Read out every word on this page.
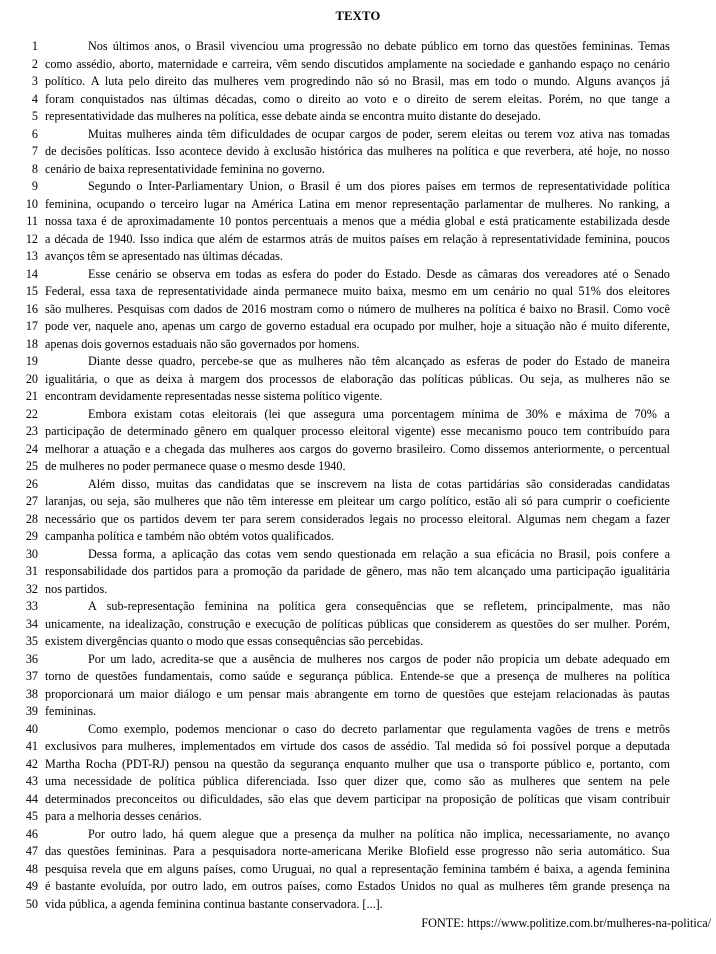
TEXTO
1	Nos últimos anos, o Brasil vivenciou uma progressão no debate público em torno das questões femininas. Temas
2 como assédio, aborto, maternidade e carreira, vêm sendo discutidos amplamente na sociedade e ganhando espaço no cenário
3 político. A luta pelo direito das mulheres vem progredindo não só no Brasil, mas em todo o mundo. Alguns avanços já
4 foram conquistados nas últimas décadas, como o direito ao voto e o direito de serem eleitas. Porém, no que tange a
5 representatividade das mulheres na política, esse debate ainda se encontra muito distante do desejado.
6	Muitas mulheres ainda têm dificuldades de ocupar cargos de poder, serem eleitas ou terem voz ativa nas tomadas
7 de decisões políticas. Isso acontece devido à exclusão histórica das mulheres na política e que reverbera, até hoje, no nosso
8 cenário de baixa representatividade feminina no governo.
9	Segundo o Inter-Parliamentary Union, o Brasil é um dos piores países em termos de representatividade política
10 feminina, ocupando o terceiro lugar na América Latina em menor representação parlamentar de mulheres. No ranking, a
11 nossa taxa é de aproximadamente 10 pontos percentuais a menos que a média global e está praticamente estabilizada desde
12 a década de 1940. Isso indica que além de estarmos atrás de muitos países em relação à representatividade feminina, poucos
13 avanços têm se apresentado nas últimas décadas.
14	Esse cenário se observa em todas as esfera do poder do Estado. Desde as câmaras dos vereadores até o Senado
15 Federal, essa taxa de representatividade ainda permanece muito baixa, mesmo em um cenário no qual 51% dos eleitores
16 são mulheres. Pesquisas com dados de 2016 mostram como o número de mulheres na política é baixo no Brasil. Como você
17 pode ver, naquele ano, apenas um cargo de governo estadual era ocupado por mulher, hoje a situação não é muito diferente,
18 apenas dois governos estaduais não são governados por homens.
19	Diante desse quadro, percebe-se que as mulheres não têm alcançado as esferas de poder do Estado de maneira
20 igualitária, o que as deixa à margem dos processos de elaboração das políticas públicas. Ou seja, as mulheres não se
21 encontram devidamente representadas nesse sistema político vigente.
22	Embora existam cotas eleitorais (lei que assegura uma porcentagem mínima de 30% e máxima de 70% a
23 participação de determinado gênero em qualquer processo eleitoral vigente) esse mecanismo pouco tem contribuído para
24 melhorar a atuação e a chegada das mulheres aos cargos do governo brasileiro. Como dissemos anteriormente, o percentual
25 de mulheres no poder permanece quase o mesmo desde 1940.
26	Além disso, muitas das candidatas que se inscrevem na lista de cotas partidárias são consideradas candidatas
27 laranjas, ou seja, são mulheres que não têm interesse em pleitear um cargo político, estão ali só para cumprir o coeficiente
28 necessário que os partidos devem ter para serem considerados legais no processo eleitoral. Algumas nem chegam a fazer
29 campanha política e também não obtém votos qualificados.
30	Dessa forma, a aplicação das cotas vem sendo questionada em relação a sua eficácia no Brasil, pois confere a
31 responsabilidade dos partidos para a promoção da paridade de gênero, mas não tem alcançado uma participação igualitária
32 nos partidos.
33	A sub-representação feminina na política gera consequências que se refletem, principalmente, mas não
34 unicamente, na idealização, construção e execução de políticas públicas que considerem as questões do ser mulher. Porém,
35 existem divergências quanto o modo que essas consequências são percebidas.
36	Por um lado, acredita-se que a ausência de mulheres nos cargos de poder não propicia um debate adequado em
37 torno de questões fundamentais, como saúde e segurança pública. Entende-se que a presença de mulheres na política
38 proporcionará um maior diálogo e um pensar mais abrangente em torno de questões que estejam relacionadas às pautas
39 femininas.
40	Como exemplo, podemos mencionar o caso do decreto parlamentar que regulamenta vagões de trens e metrôs
41 exclusivos para mulheres, implementados em virtude dos casos de assédio. Tal medida só foi possível porque a deputada
42 Martha Rocha (PDT-RJ) pensou na questão da segurança enquanto mulher que usa o transporte público e, portanto, com
43 uma necessidade de política pública diferenciada. Isso quer dizer que, como são as mulheres que sentem na pele
44 determinados preconceitos ou dificuldades, são elas que devem participar na proposição de políticas que visam contribuir
45 para a melhoria desses cenários.
46	Por outro lado, há quem alegue que a presença da mulher na política não implica, necessariamente, no avanço
47 das questões femininas. Para a pesquisadora norte-americana Merike Blofield esse progresso não seria automático. Sua
48 pesquisa revela que em alguns países, como Uruguai, no qual a representação feminina também é baixa, a agenda feminina
49 é bastante evoluída, por outro lado, em outros países, como Estados Unidos no qual as mulheres têm grande presença na
50 vida pública, a agenda feminina continua bastante conservadora. [...].
FONTE: https://www.politize.com.br/mulheres-na-politica/
